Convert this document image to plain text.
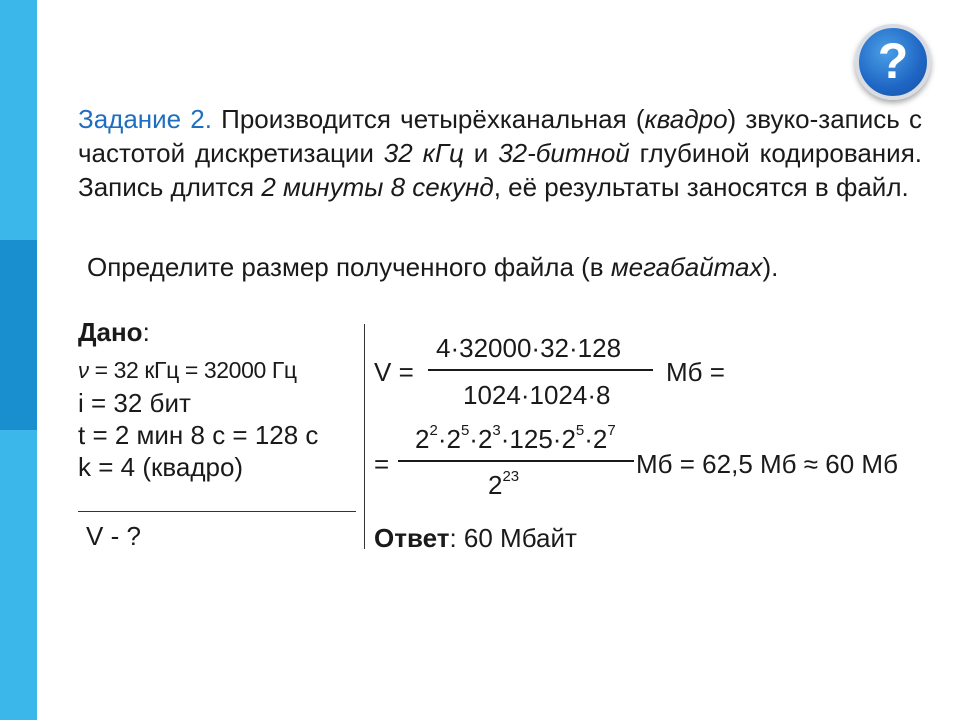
?
Задание 2. Производится четырёхканальная (квадро) звуко-запись с частотой дискретизации 32 кГц и 32-битной глубиной кодирования. Запись длится 2 минуты 8 секунд, её результаты заносятся в файл.
Определите размер полученного файла (в мегабайтах).
Дано:
ν = 32 кГц = 32000 Гц
i = 32 бит
t = 2 мин 8 с = 128 с
k = 4 (квадро)
V - ?
V =
4·32000·32·128
1024·1024·8
Мб =
=
$2^2\cdot 2^5\cdot 2^3\cdot 125\cdot 2^5\cdot 2^7$
$2^{23}$	Мб = 62,5 Мб ≈ 60 Мб
Ответ: 60 Мбайт
